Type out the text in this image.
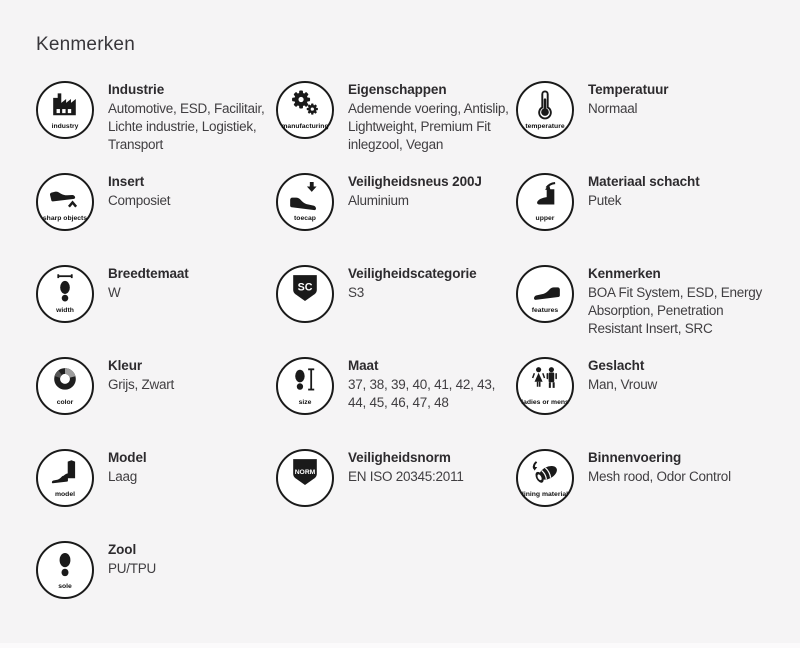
Kenmerken
industry
Industrie
Automotive, ESD, Facilitair, Lichte industrie, Logistiek, Transport
manufacturing
Eigenschappen
Ademende voering, Antislip, Lightweight, Premium Fit inlegzool, Vegan
temperature
Temperatuur
Normaal
sharp objects
Insert
Composiet
toecap
Veiligheidsneus 200J
Aluminium
upper
Materiaal schacht
Putek
width
Breedtemaat
W	SC
Veiligheidscategorie
S3
features
Kenmerken
BOA Fit System, ESD, Energy Absorption, Penetration Resistant Insert, SRC
color
Kleur
Grijs, Zwart
size
Maat
37, 38, 39, 40, 41, 42, 43, 44, 45, 46, 47, 48	ladies or mens
Geslacht
Man, Vrouw
model
Model
Laag	NORM
Veiligheidsnorm
EN ISO 20345:2011
lining material
Binnenvoering
Mesh rood, Odor Control
sole
Zool
PU/TPU
